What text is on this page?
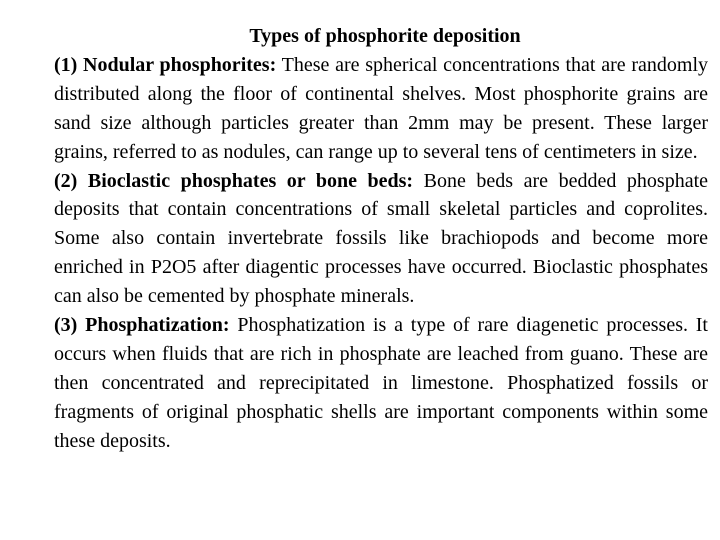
Types of phosphorite deposition

(1) Nodular phosphorites: These are spherical concentrations that are randomly distributed along the floor of continental shelves. Most phosphorite grains are sand size although particles greater than 2mm may be present. These larger grains, referred to as nodules, can range up to several tens of centimeters in size.

(2) Bioclastic phosphates or bone beds: Bone beds are bedded phosphate deposits that contain concentrations of small skeletal particles and coprolites. Some also contain invertebrate fossils like brachiopods and become more enriched in P2O5 after diagentic processes have occurred. Bioclastic phosphates can also be cemented by phosphate minerals.

(3) Phosphatization: Phosphatization is a type of rare diagenetic processes. It occurs when fluids that are rich in phosphate are leached from guano. These are then concentrated and reprecipitated in limestone. Phosphatized fossils or fragments of original phosphatic shells are important components within some these deposits.
